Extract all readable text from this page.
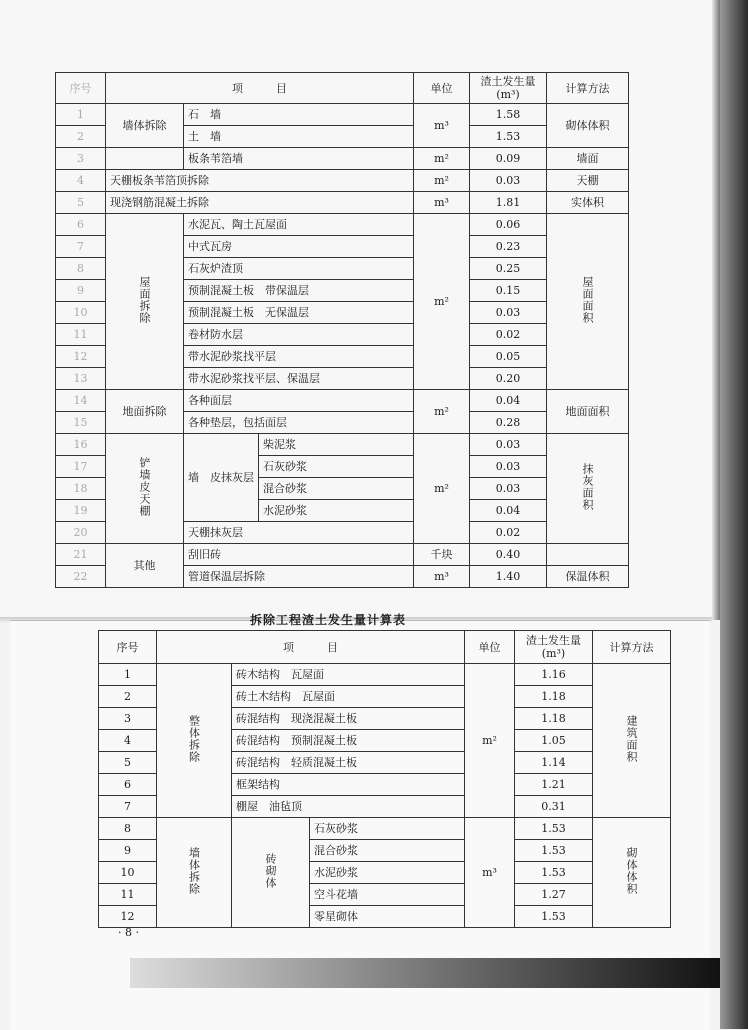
序号	项　　　目			单位	渣土发生量(m³)	计算方法
1	墙体拆除	石　墙		m³	1.58	砌体体积
2		土　墙			1.53	
3		板条苇箔墙		m²	0.09	墙面
4	天棚板条苇箔顶拆除			m²	0.03	天棚
5	现浇钢筋混凝土拆除			m³	1.81	实体积
6	屋面拆除	水泥瓦、陶土瓦屋面		m²	0.06	屋面面积
7		中式瓦房			0.23	
8		石灰炉渣顶			0.25	
9		预制混凝土板　带保温层			0.15	
10		预制混凝土板　无保温层			0.03	
11		卷材防水层			0.02	
12		带水泥砂浆找平层			0.05	
13		带水泥砂浆找平层、保温层			0.20	
14	地面拆除	各种面层		m²	0.04	地面面积
15		各种垫层，包括面层			0.28	
16	铲墙皮天棚	墙　皮抹灰层	柴泥浆	m²	0.03	抹灰面积
17			石灰砂浆		0.03	
18			混合砂浆		0.03	
19			水泥砂浆		0.04	
20		天棚抹灰层			0.02	
21	其他	刮旧砖		千块	0.40	
22		管道保温层拆除		m³	1.40	保温体积
拆除工程渣土发生量计算表
序号	项　　　目			单位	渣土发生量(m³)	计算方法
1	整体拆除	砖木结构　瓦屋面		m²	1.16	建筑面积
2		砖土木结构　瓦屋面			1.18	
3		砖混结构　现浇混凝土板			1.18	
4		砖混结构　预制混凝土板			1.05	
5		砖混结构　轻质混凝土板			1.14	
6		框架结构			1.21	
7		棚屋　油毡顶			0.31	
8	墙体拆除	砖砌体	石灰砂浆	m³	1.53	砌体体积
9			混合砂浆		1.53	
10			水泥砂浆		1.53	
11			空斗花墙		1.27	
12			零星砌体		1.53	
· 8 ·
